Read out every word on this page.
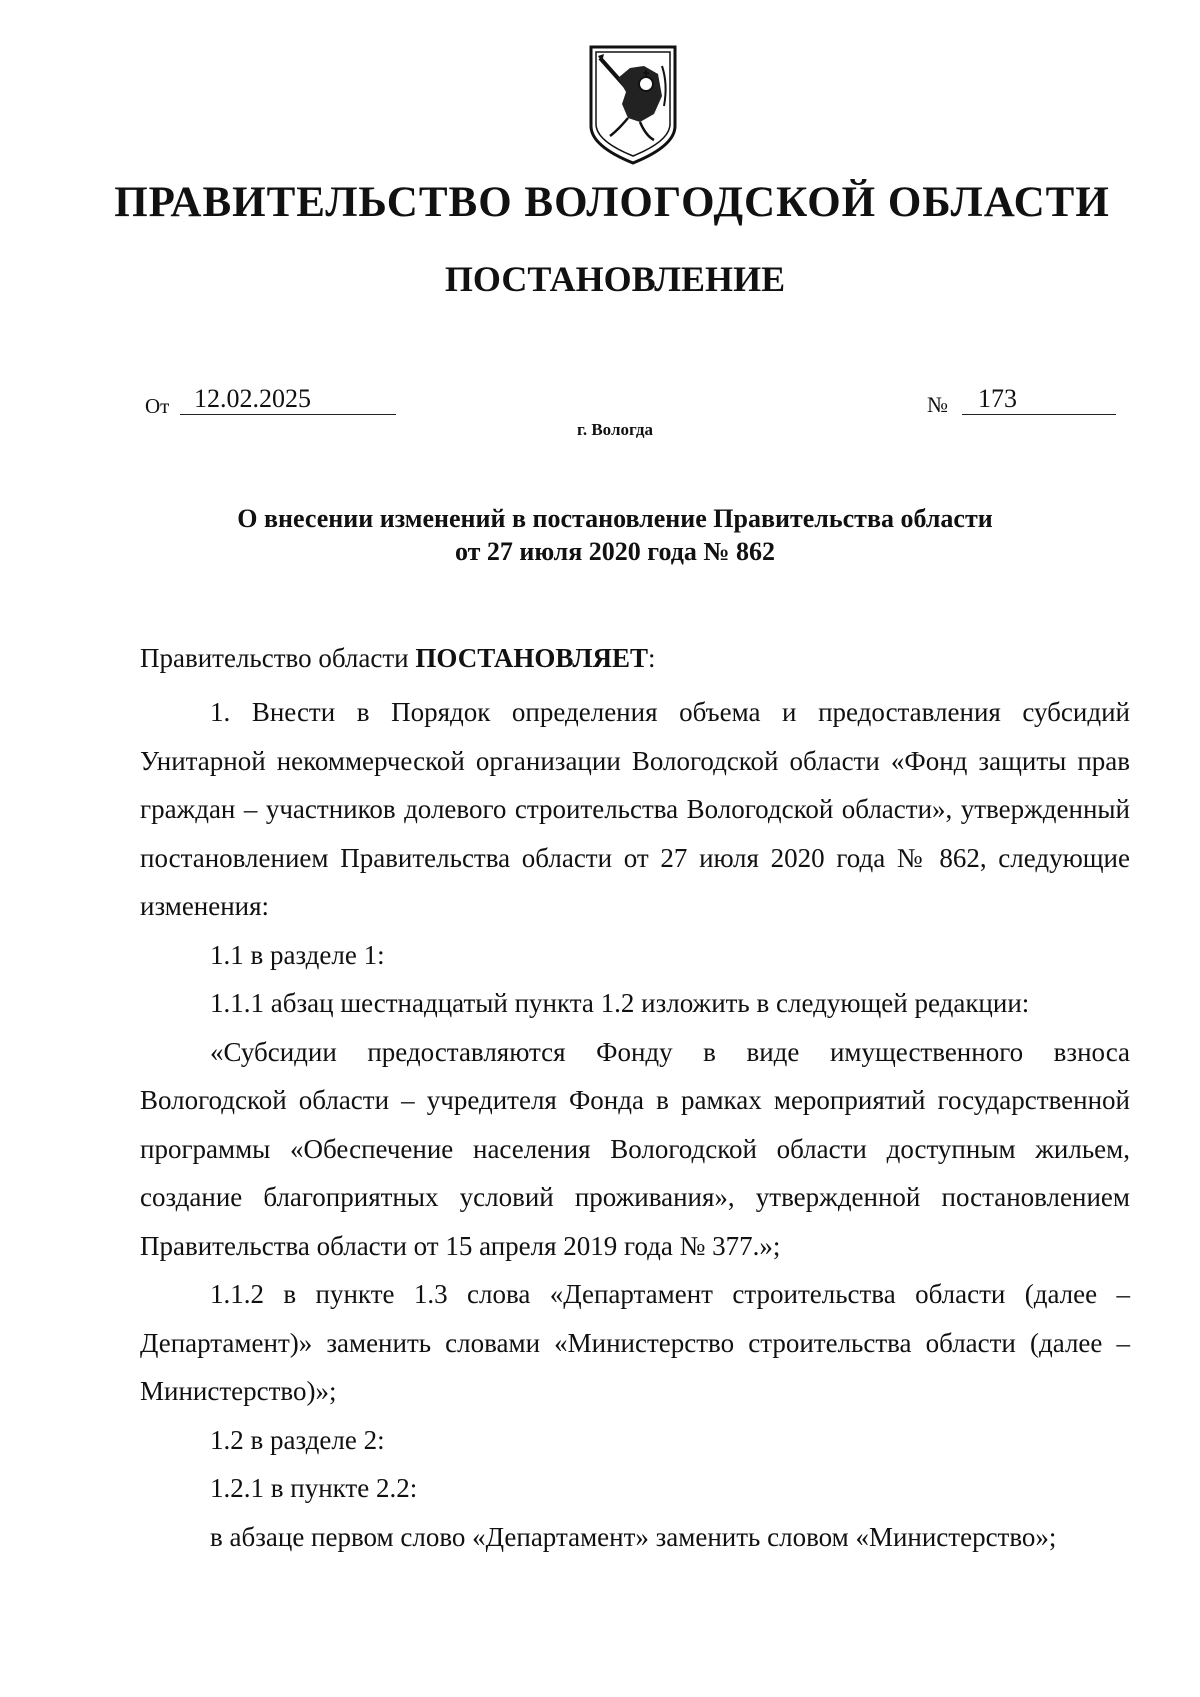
ПРАВИТЕЛЬСТВО ВОЛОГОДСКОЙ ОБЛАСТИ
ПОСТАНОВЛЕНИЕ
От 12.02.2025	№	173
г. Вологда
О внесении изменений в постановление Правительства области
от 27 июля 2020 года № 862

Правительство области ПОСТАНОВЛЯЕТ:

1. Внести в Порядок определения объема и предоставления субсидий Унитарной некоммерческой организации Вологодской области «Фонд защиты прав граждан – участников долевого строительства Вологодской области», утвержденный постановлением Правительства области от 27 июля 2020 года № 862, следующие изменения:

1.1 в разделе 1:

1.1.1 абзац шестнадцатый пункта 1.2 изложить в следующей редакции:

«Субсидии предоставляются Фонду в виде имущественного взноса Вологодской области – учредителя Фонда в рамках мероприятий государственной программы «Обеспечение населения Вологодской области доступным жильем, создание благоприятных условий проживания», утвержденной постановлением Правительства области от 15 апреля 2019 года № 377.»;

1.1.2 в пункте 1.3 слова «Департамент строительства области (далее – Департамент)» заменить словами «Министерство строительства области (далее – Министерство)»;

1.2 в разделе 2:

1.2.1 в пункте 2.2:

в абзаце первом слово «Департамент» заменить словом «Министерство»;
